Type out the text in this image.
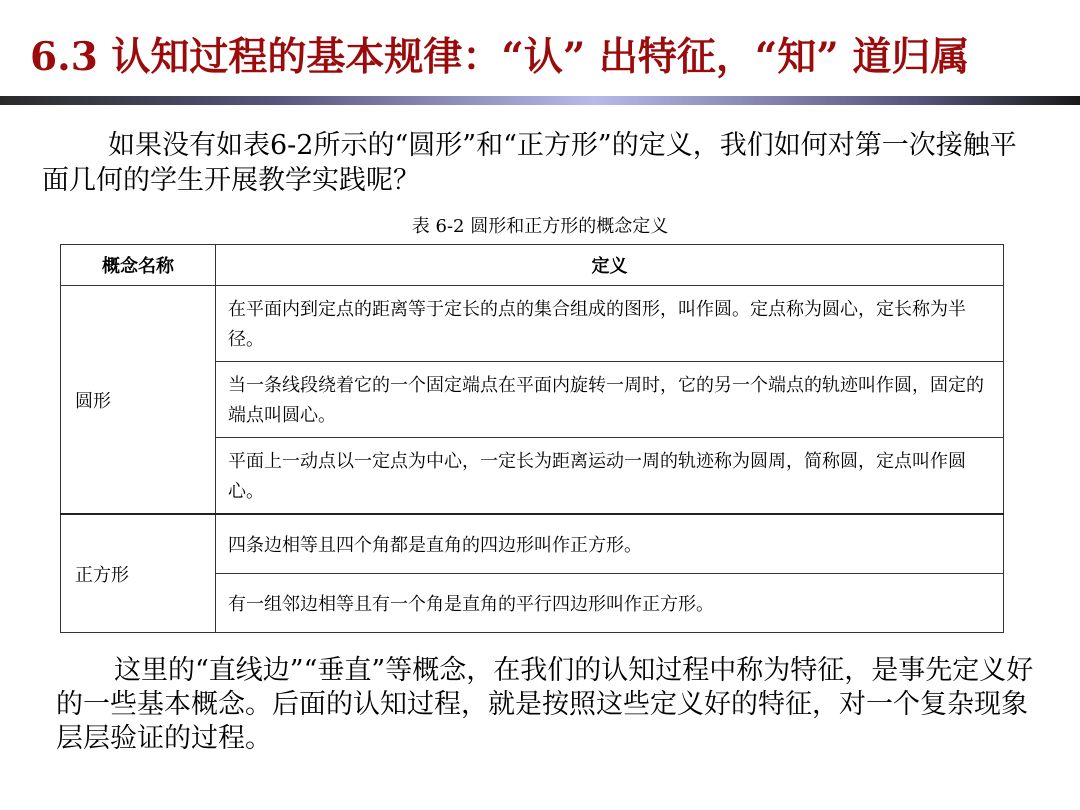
6.3 认知过程的基本规律：“认” 出特征，“知” 道归属

如果没有如表6-2所示的“圆形”和“正方形”的定义，我们如何对第一次接触平面几何的学生开展教学实践呢？

表 6-2 圆形和正方形的概念定义
概念名称	定义
圆形	在平面内到定点的距离等于定长的点的集合组成的图形，叫作圆。定点称为圆心，定长称为半径。
	当一条线段绕着它的一个固定端点在平面内旋转一周时，它的另一个端点的轨迹叫作圆，固定的端点叫圆心。
	平面上一动点以一定点为中心，一定长为距离运动一周的轨迹称为圆周，简称圆，定点叫作圆心。
正方形	四条边相等且四个角都是直角的四边形叫作正方形。
	有一组邻边相等且有一个角是直角的平行四边形叫作正方形。

这里的“直线边”“垂直”等概念，在我们的认知过程中称为特征，是事先定义好的一些基本概念。后面的认知过程，就是按照这些定义好的特征，对一个复杂现象层层验证的过程。
